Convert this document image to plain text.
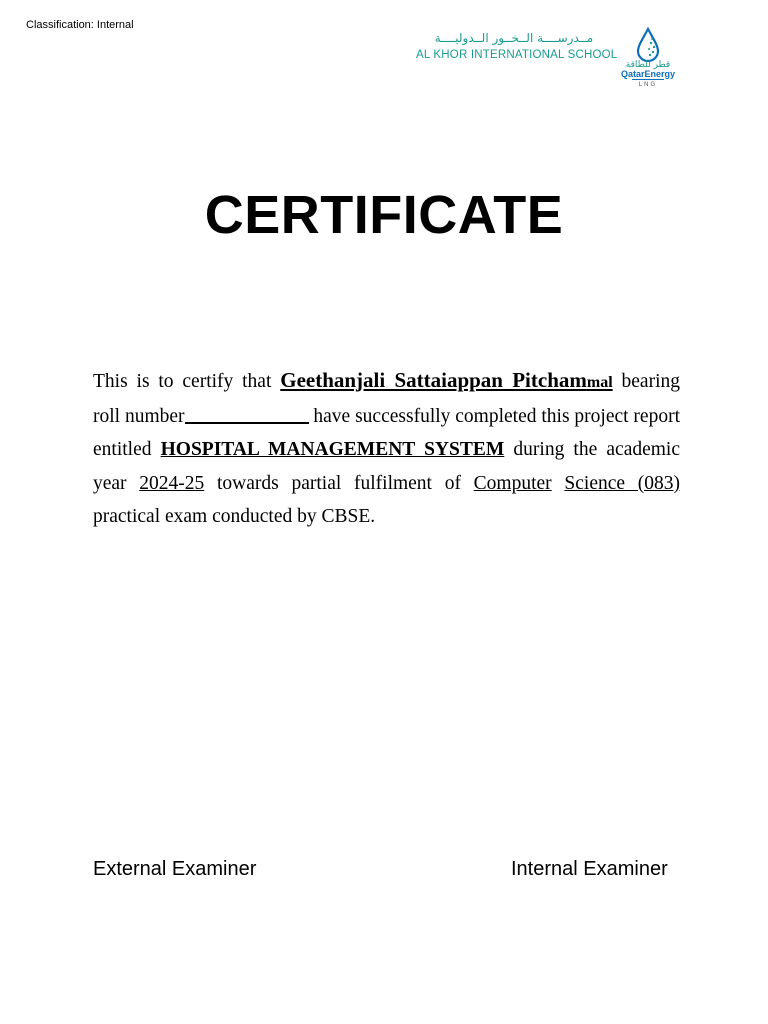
Classification: Internal
مــدرســــة الــخــور الــدوليــــة
AL KHOR INTERNATIONAL SCHOOL
قطر للطاقة
QatarEnergy
LNG
CERTIFICATE
This is to certify that Geethanjali Sattaiappan Pitchammal bearing roll number	have successfully completed this project report entitled HOSPITAL MANAGEMENT SYSTEM during the academic year 2024-25 towards partial fulfilment of Computer Science (083) practical exam conducted by CBSE.
External Examiner	Internal Examiner
